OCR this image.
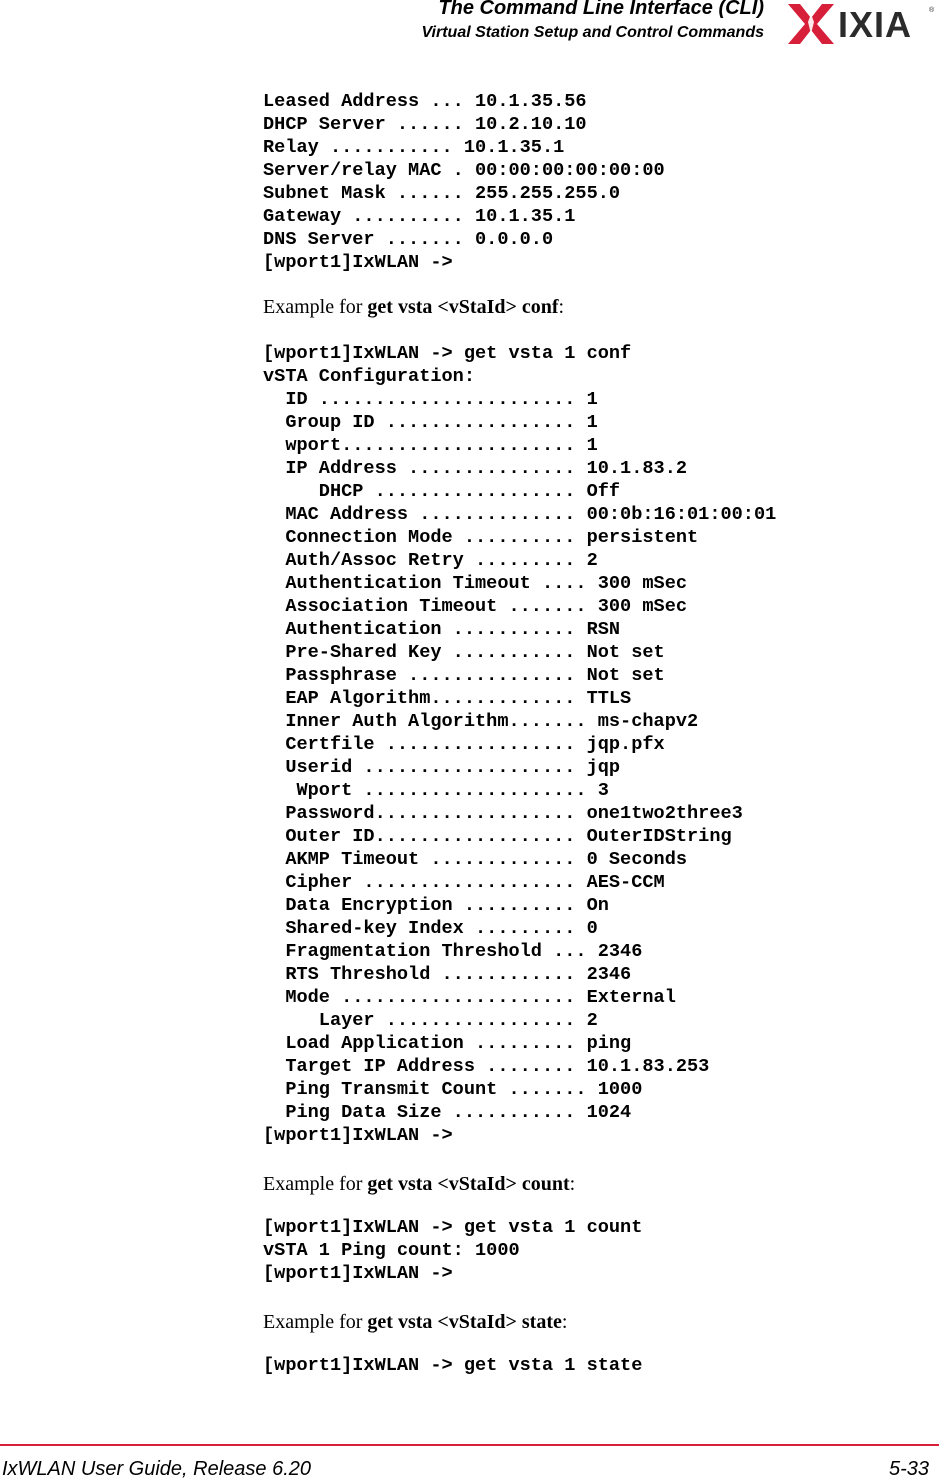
The Command Line Interface (CLI)
Virtual Station Setup and Control Commands IXIA ®
Leased Address ... 10.1.35.56
DHCP Server ...... 10.2.10.10
Relay ........... 10.1.35.1
Server/relay MAC . 00:00:00:00:00:00
Subnet Mask ...... 255.255.255.0
Gateway .......... 10.1.35.1
DNS Server ....... 0.0.0.0
[wport1]IxWLAN ->

Example for get vsta <vStaId> conf:

[wport1]IxWLAN -> get vsta 1 conf
vSTA Configuration:
ID ....................... 1
Group ID ................. 1
wport..................... 1
IP Address ............... 10.1.83.2
DHCP .................. Off
MAC Address .............. 00:0b:16:01:00:01
Connection Mode .......... persistent
Auth/Assoc Retry ......... 2
Authentication Timeout .... 300 mSec
Association Timeout ....... 300 mSec
Authentication ........... RSN
Pre-Shared Key ........... Not set
Passphrase ............... Not set
EAP Algorithm............. TTLS
Inner Auth Algorithm....... ms-chapv2
Certfile ................. jqp.pfx
Userid ................... jqp
Wport .................... 3
Password.................. one1two2three3
Outer ID.................. OuterIDString
AKMP Timeout ............. 0 Seconds
Cipher ................... AES-CCM
Data Encryption .......... On
Shared-key Index ......... 0
Fragmentation Threshold ... 2346
RTS Threshold ............ 2346
Mode ..................... External
Layer ................. 2
Load Application ......... ping
Target IP Address ........ 10.1.83.253
Ping Transmit Count ....... 1000
Ping Data Size ........... 1024
[wport1]IxWLAN ->

Example for get vsta <vStaId> count:

[wport1]IxWLAN -> get vsta 1 count
vSTA 1 Ping count: 1000
[wport1]IxWLAN ->

Example for get vsta <vStaId> state:

[wport1]IxWLAN -> get vsta 1 state
IxWLAN User Guide, Release 6.20	5-33
